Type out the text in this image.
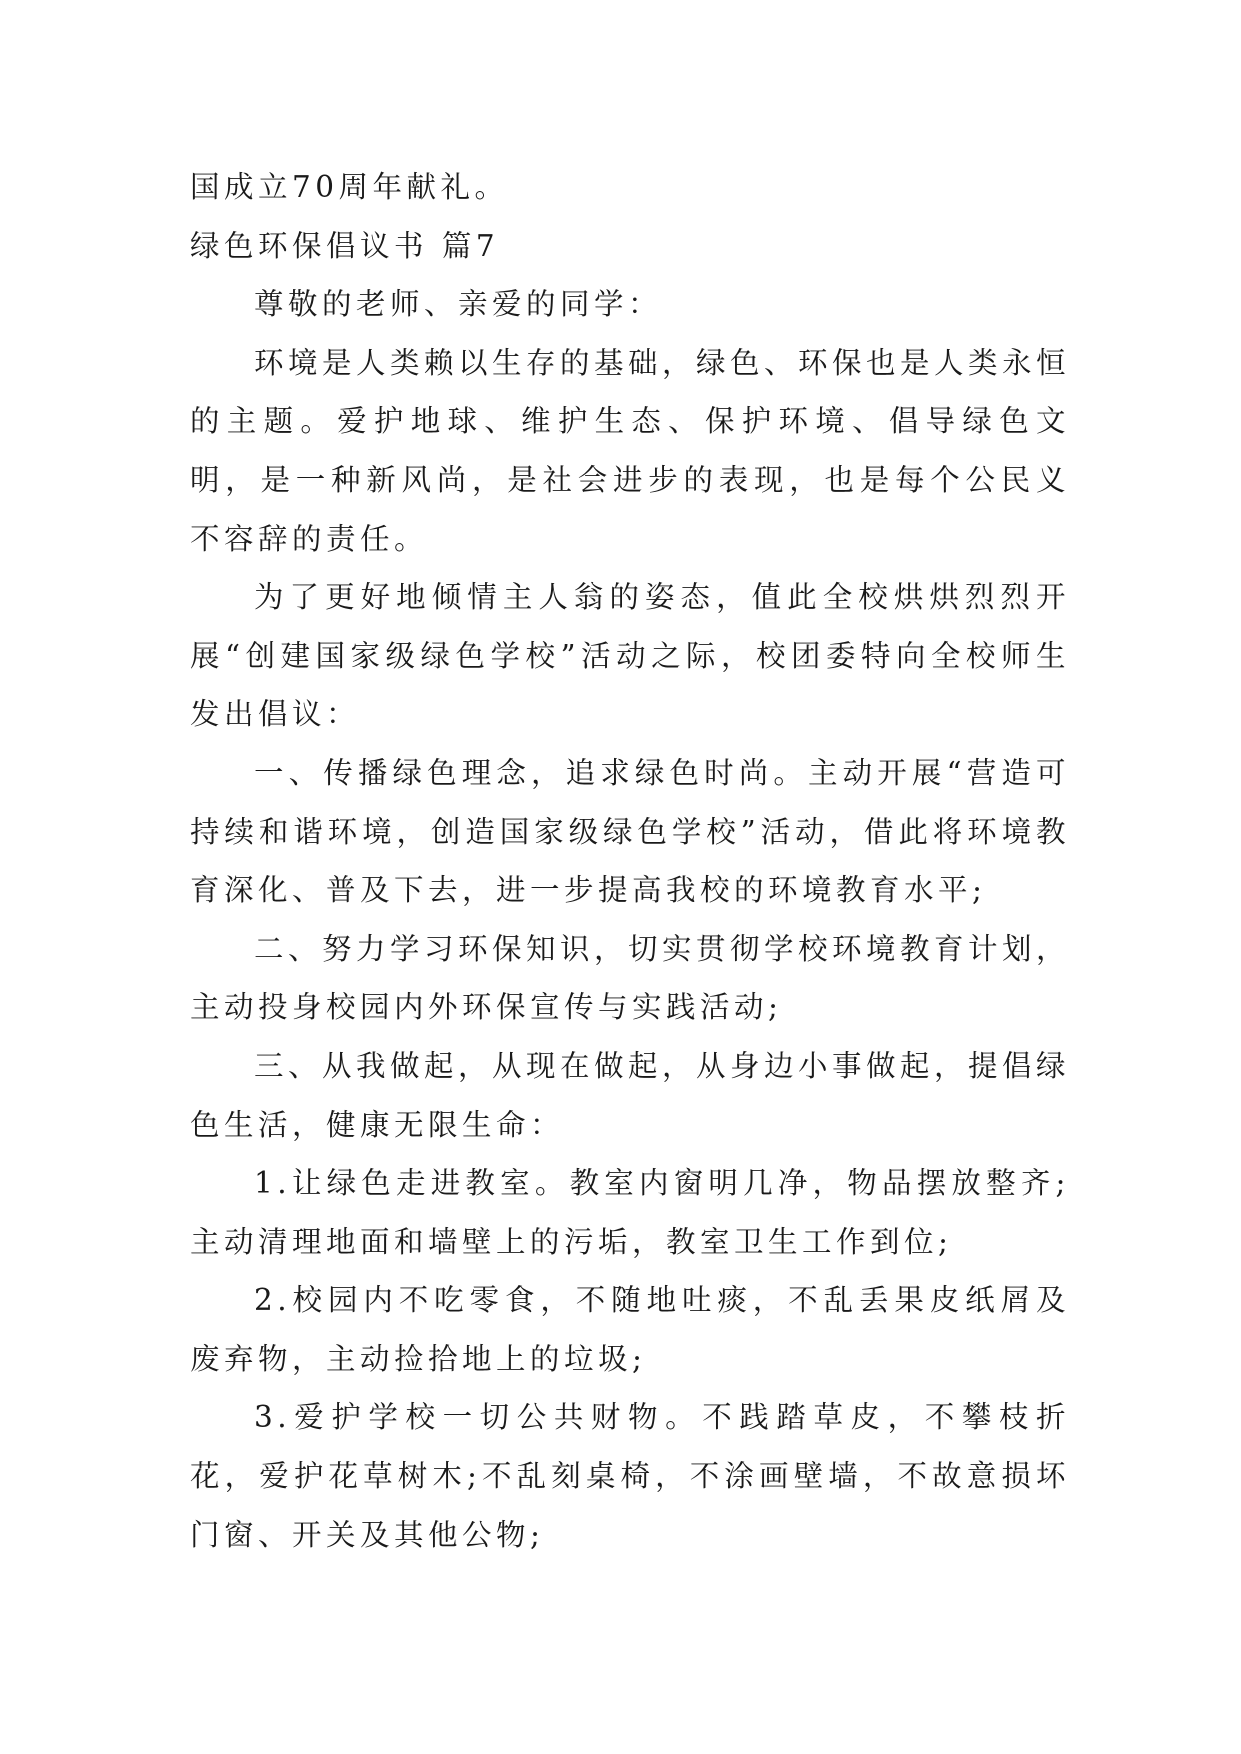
国成立70周年献礼。

绿色环保倡议书 篇7

尊敬的老师、亲爱的同学：

环境是人类赖以生存的基础，绿色、环保也是人类永恒的主题。爱护地球、维护生态、保护环境、倡导绿色文明，是一种新风尚，是社会进步的表现，也是每个公民义不容辞的责任。

为了更好地倾情主人翁的姿态，值此全校烘烘烈烈开展“创建国家级绿色学校”活动之际，校团委特向全校师生发出倡议：

一、传播绿色理念，追求绿色时尚。主动开展“营造可持续和谐环境，创造国家级绿色学校”活动，借此将环境教育深化、普及下去，进一步提高我校的环境教育水平;

二、努力学习环保知识，切实贯彻学校环境教育计划，主动投身校园内外环保宣传与实践活动;

三、从我做起，从现在做起，从身边小事做起，提倡绿色生活，健康无限生命：

1.让绿色走进教室。教室内窗明几净，物品摆放整齐;主动清理地面和墙壁上的污垢，教室卫生工作到位;

2.校园内不吃零食，不随地吐痰，不乱丢果皮纸屑及废弃物，主动捡拾地上的垃圾;

3.爱护学校一切公共财物。不践踏草皮，不攀枝折花，爱护花草树木;不乱刻桌椅，不涂画壁墙，不故意损坏门窗、开关及其他公物;
